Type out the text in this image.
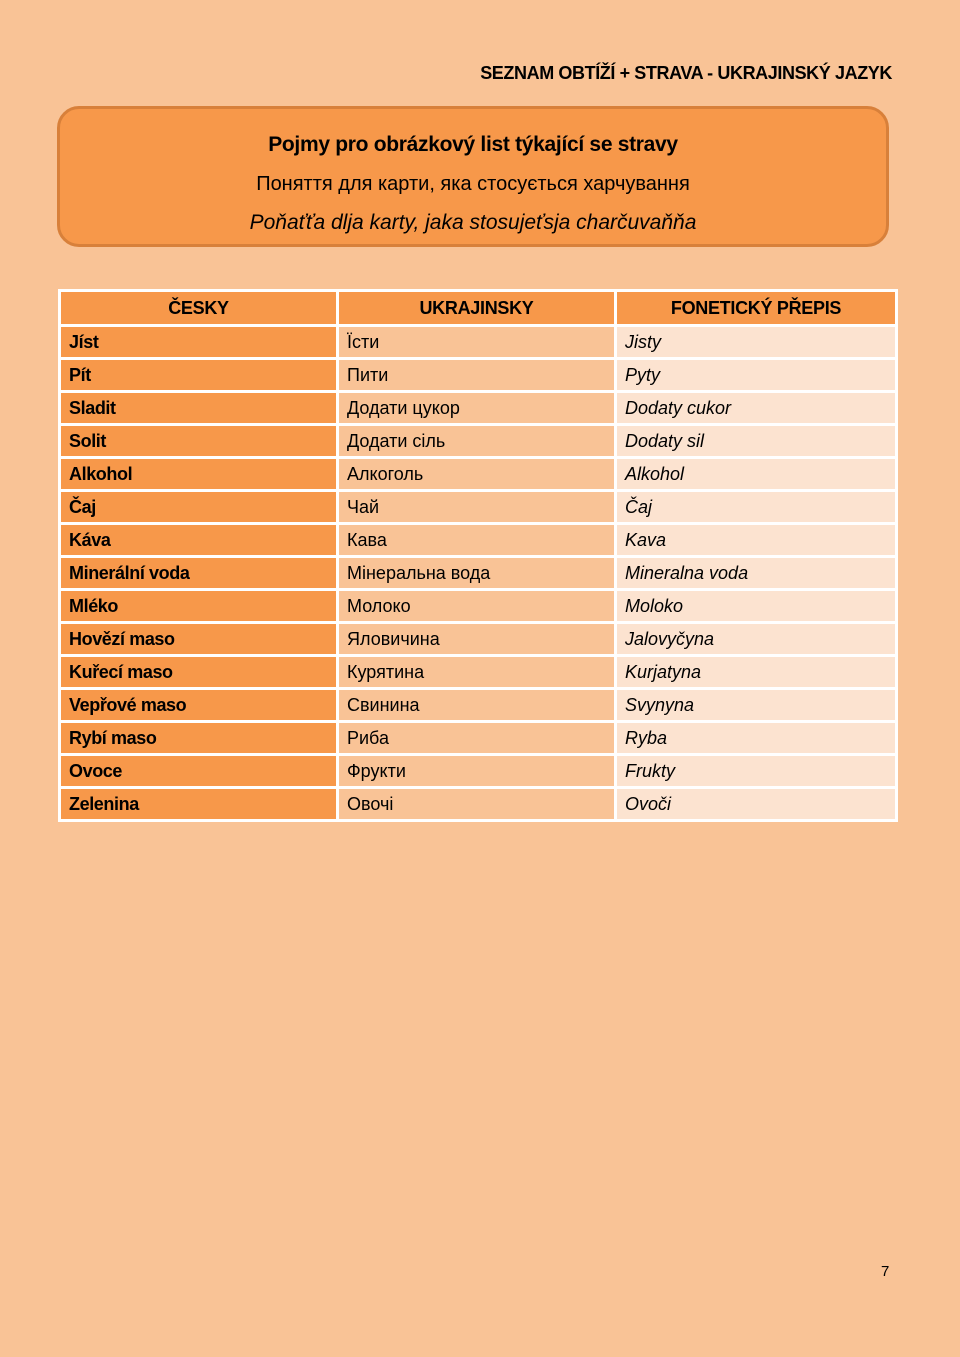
SEZNAM OBTÍŽÍ + STRAVA - UKRAJINSKÝ JAZYK
Pojmy pro obrázkový list týkající se stravy
Поняття для карти, яка стосується харчування
Poňaťťa dlja karty, jaka stosujeťsja charčuvaňňa
ČESKY	UKRAJINSKY	FONETICKÝ PŘEPIS
Jíst	Їсти	Jisty
Pít	Пити	Pyty
Sladit	Додати цукор	Dodaty cukor
Solit	Додати сіль	Dodaty sil
Alkohol	Алкоголь	Alkohol
Čaj	Чай	Čaj
Káva	Кава	Kava
Minerální voda	Мінеральна вода	Mineralna voda
Mléko	Молоко	Moloko
Hovězí maso	Яловичина	Jalovyčyna
Kuřecí maso	Курятина	Kurjatyna
Vepřové maso	Свинина	Svynyna
Rybí maso	Риба	Ryba
Ovoce	Фрукти	Frukty
Zelenina	Овочі	Ovoči
7
